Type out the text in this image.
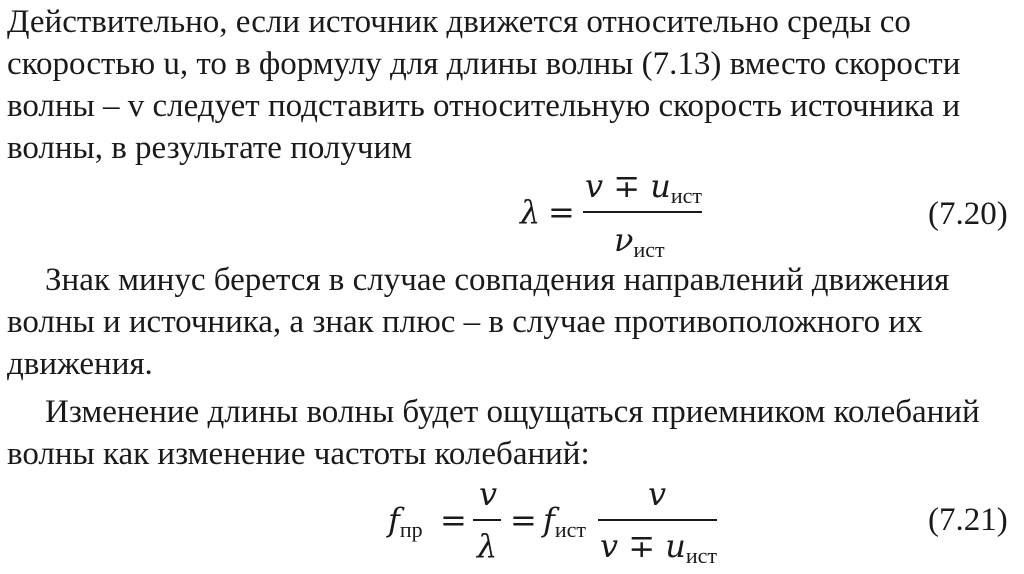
Действительно, если источник движется относительно среды со
скоростью u, то в формулу для длины волны (7.13) вместо скорости
волны – v следует подставить относительную скорость источника и
волны, в результате получим
λ =
v ∓ uист
νист
(7.20)
Знак минус берется в случае совпадения направлений движения
волны и источника, а знак плюс – в случае противоположного их
движения.
Изменение длины волны будет ощущаться приемником колебаний
волны как изменение частоты колебаний:
fпр =
v
λ
= fист
v
v ∓ uист
(7.21)
